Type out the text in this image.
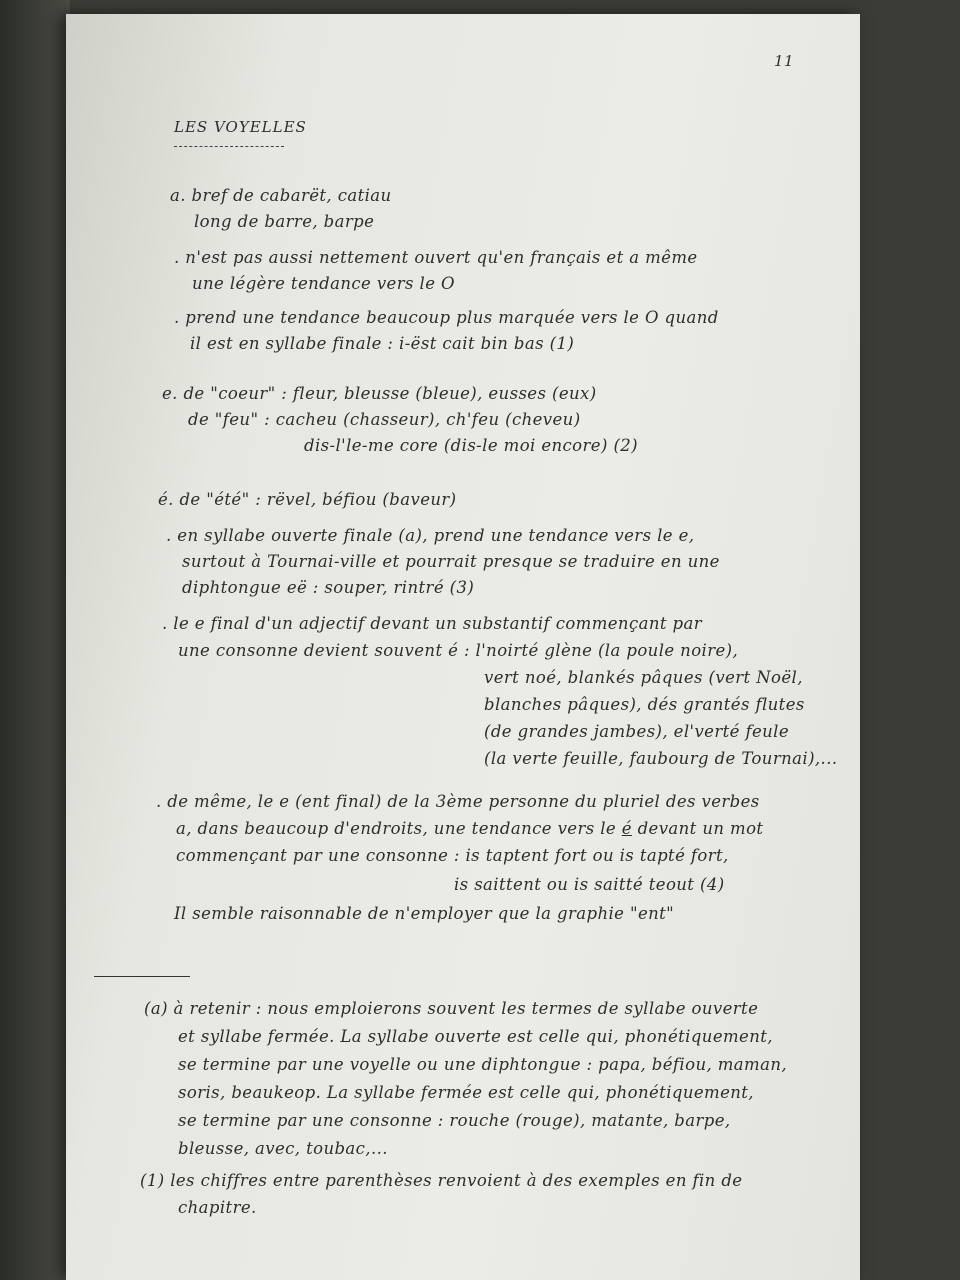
11
LES VOYELLES
a. bref de cabarët, catiau
long de barre, barpe
. n'est pas aussi nettement ouvert qu'en français et a même
une légère tendance vers le O
. prend une tendance beaucoup plus marquée vers le O quand
il est en syllabe finale : i-ëst cait bin bas (1)
e. de "coeur" : fleur, bleusse (bleue), eusses (eux)
de "feu" : cacheu (chasseur), ch'feu (cheveu)
dis-l'le-me core (dis-le moi encore) (2)
é. de "été" : rëvel, béfiou (baveur)
. en syllabe ouverte finale (a), prend une tendance vers le e,
surtout à Tournai-ville et pourrait presque se traduire en une
diphtongue eë : souper, rintré (3)
. le e final d'un adjectif devant un substantif commençant par
une consonne devient souvent é : l'noirté glène (la poule noire),
vert noé, blankés pâques (vert Noël,
blanches pâques), dés grantés flutes
(de grandes jambes), el'verté feule
(la verte feuille, faubourg de Tournai),...
. de même, le e (ent final) de la 3ème personne du pluriel des verbes
a, dans beaucoup d'endroits, une tendance vers le é devant un mot
commençant par une consonne : is taptent fort ou is tapté fort,
is saittent ou is saitté teout (4)
Il semble raisonnable de n'employer que la graphie "ent"
(a) à retenir : nous emploierons souvent les termes de syllabe ouverte
et syllabe fermée. La syllabe ouverte est celle qui, phonétiquement,
se termine par une voyelle ou une diphtongue : papa, béfiou, maman,
soris, beaukeop. La syllabe fermée est celle qui, phonétiquement,
se termine par une consonne : rouche (rouge), matante, barpe,
bleusse, avec, toubac,...
(1) les chiffres entre parenthèses renvoient à des exemples en fin de
chapitre.
